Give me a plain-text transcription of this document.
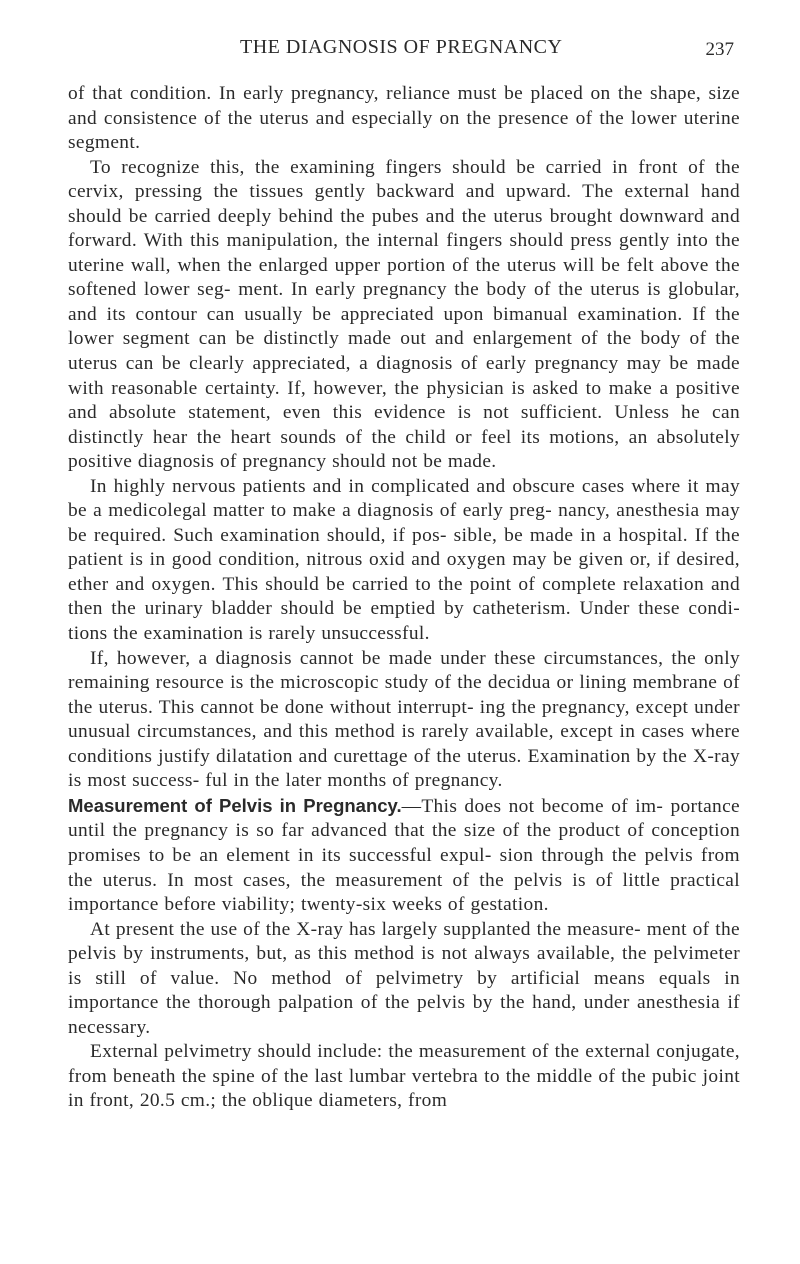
THE DIAGNOSIS OF PREGNANCY	237

of that condition. In early pregnancy, reliance must be placed on the shape, size and consistence of the uterus and especially on the presence of the lower uterine segment.

To recognize this, the examining fingers should be carried in front of the cervix, pressing the tissues gently backward and upward. The external hand should be carried deeply behind the pubes and the uterus brought downward and forward. With this manipulation, the internal fingers should press gently into the uterine wall, when the enlarged upper portion of the uterus will be felt above the softened lower seg- ment. In early pregnancy the body of the uterus is globular, and its contour can usually be appreciated upon bimanual examination. If the lower segment can be distinctly made out and enlargement of the body of the uterus can be clearly appreciated, a diagnosis of early pregnancy may be made with reasonable certainty. If, however, the physician is asked to make a positive and absolute statement, even this evidence is not sufficient. Unless he can distinctly hear the heart sounds of the child or feel its motions, an absolutely positive diagnosis of pregnancy should not be made.

In highly nervous patients and in complicated and obscure cases where it may be a medicolegal matter to make a diagnosis of early preg- nancy, anesthesia may be required. Such examination should, if pos- sible, be made in a hospital. If the patient is in good condition, nitrous oxid and oxygen may be given or, if desired, ether and oxygen. This should be carried to the point of complete relaxation and then the urinary bladder should be emptied by catheterism. Under these condi- tions the examination is rarely unsuccessful.

If, however, a diagnosis cannot be made under these circumstances, the only remaining resource is the microscopic study of the decidua or lining membrane of the uterus. This cannot be done without interrupt- ing the pregnancy, except under unusual circumstances, and this method is rarely available, except in cases where conditions justify dilatation and curettage of the uterus. Examination by the X-ray is most success- ful in the later months of pregnancy.

Measurement of Pelvis in Pregnancy.—This does not become of im- portance until the pregnancy is so far advanced that the size of the product of conception promises to be an element in its successful expul- sion through the pelvis from the uterus. In most cases, the measurement of the pelvis is of little practical importance before viability; twenty-six weeks of gestation.

At present the use of the X-ray has largely supplanted the measure- ment of the pelvis by instruments, but, as this method is not always available, the pelvimeter is still of value. No method of pelvimetry by artificial means equals in importance the thorough palpation of the pelvis by the hand, under anesthesia if necessary.

External pelvimetry should include: the measurement of the external conjugate, from beneath the spine of the last lumbar vertebra to the middle of the pubic joint in front, 20.5 cm.; the oblique diameters, from
